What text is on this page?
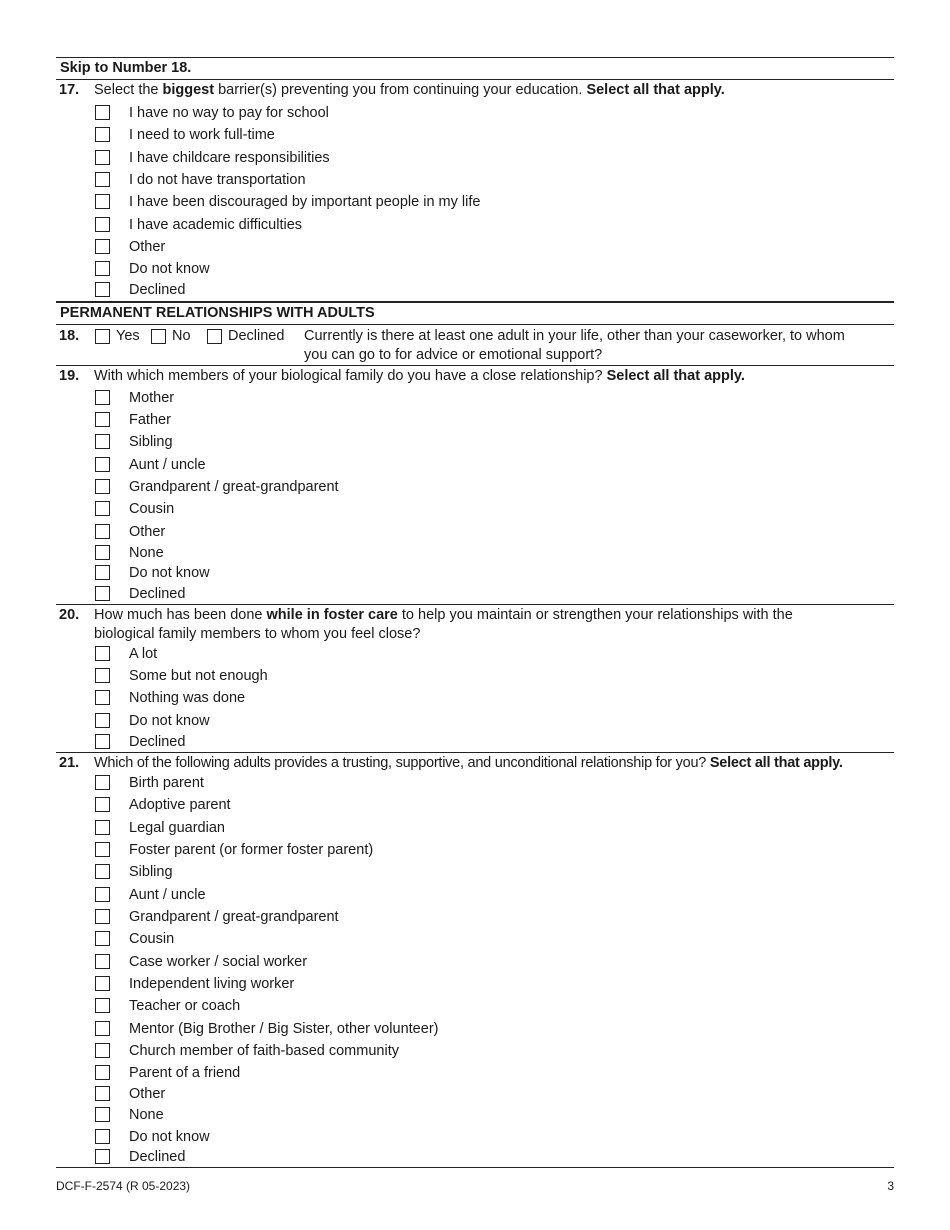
Skip to Number 18.
17.	Select the biggest barrier(s) preventing you from continuing your education. Select all that apply.
I have no way to pay for school
I need to work full-time
I have childcare responsibilities
I do not have transportation
I have been discouraged by important people in my life
I have academic difficulties
Other
Do not know
Declined
PERMANENT RELATIONSHIPS WITH ADULTS
18.	Yes No	Declined Currently is there at least one adult in your life, other than your caseworker, to whom
you can go to for advice or emotional support?
19.	With which members of your biological family do you have a close relationship? Select all that apply.
Mother
Father
Sibling
Aunt / uncle
Grandparent / great-grandparent
Cousin
Other
None
Do not know
Declined
20.	How much has been done while in foster care to help you maintain or strengthen your relationships with the
biological family members to whom you feel close?
A lot
Some but not enough
Nothing was done
Do not know
Declined
21.	Which of the following adults provides a trusting, supportive, and unconditional relationship for you? Select all that apply.
Birth parent
Adoptive parent
Legal guardian
Foster parent (or former foster parent)
Sibling
Aunt / uncle
Grandparent / great-grandparent
Cousin
Case worker / social worker
Independent living worker
Teacher or coach
Mentor (Big Brother / Big Sister, other volunteer)
Church member of faith-based community
Parent of a friend
Other
None
Do not know
Declined
DCF-F-2574 (R 05-2023)	3
